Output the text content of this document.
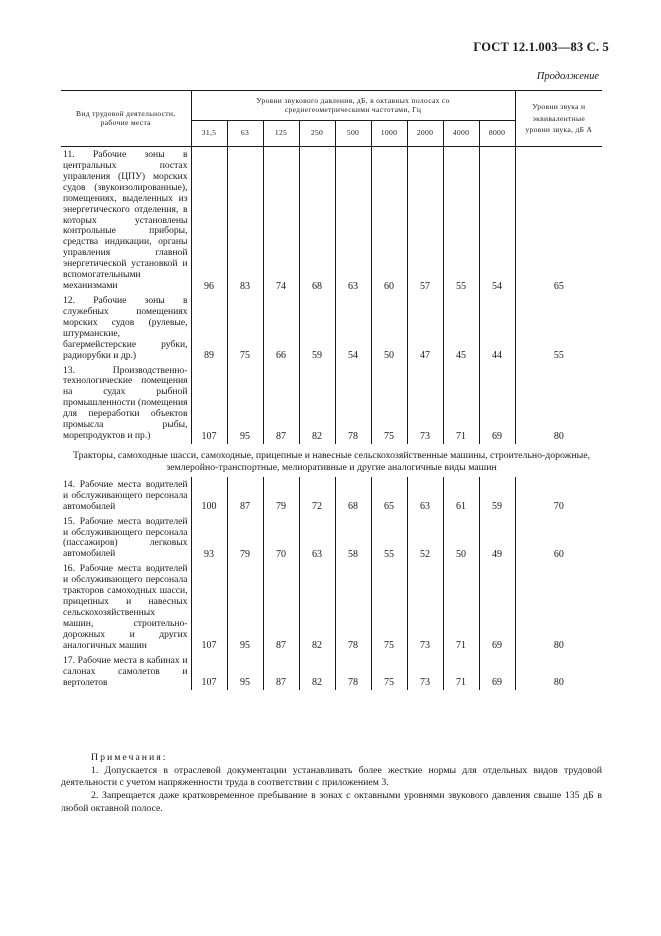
ГОСТ 12.1.003—83 С. 5
Продолжение
Вид трудовой деятельности, рабочие места	Уровни звукового давления, дБ, в октавных полосах со среднегеометрическими частотами, Гц									Уровни звука и эквивалентные уровни звука, дБ А
	31,5	63	125	250	500	1000	2000	4000	8000	
11. Рабочие зоны в центральных постах управления (ЦПУ) морских судов (звукоизолированные), помещениях, выделенных из энергетического отделения, в которых установлены контрольные приборы, средства индикации, органы управления главной энергетической установкой и вспомогательными механизмами	96	83	74	68	63	60	57	55	54	65
12. Рабочие зоны в служебных помещениях морских судов (рулевые, штурманские, багермейстерские рубки, радиорубки и др.)	89	75	66	59	54	50	47	45	44	55
13. Производственно-технологические помещения на судах рыбной промышленности (помещения для переработки объектов промысла рыбы, морепродуктов и пр.)	107	95	87	82	78	75	73	71	69	80
Тракторы, самоходные шасси, самоходные, прицепные и навесные сельскохозяйственные машины, строительно-дорожные, землеройно-транспортные, мелиоративные и другие аналогичные виды машин										
14. Рабочие места водителей и обслуживающего персонала автомобилей	100	87	79	72	68	65	63	61	59	70
15. Рабочие места водителей и обслуживающего персонала (пассажиров) легковых автомобилей	93	79	70	63	58	55	52	50	49	60
16. Рабочие места водителей и обслуживающего персонала тракторов самоходных шасси, прицепных и навесных сельскохозяйственных машин, строительно-дорожных и других аналогичных машин	107	95	87	82	78	75	73	71	69	80
17. Рабочие места в кабинах и салонах самолетов и вертолетов	107	95	87	82	78	75	73	71	69	80
Примечания:

1. Допускается в отраслевой документации устанавливать более жесткие нормы для отдельных видов трудовой деятельности с учетом напряженности труда в соответствии с приложением 3.

2. Запрещается даже кратковременное пребывание в зонах с октавными уровнями звукового давления свыше 135 дБ в любой октавной полосе.
